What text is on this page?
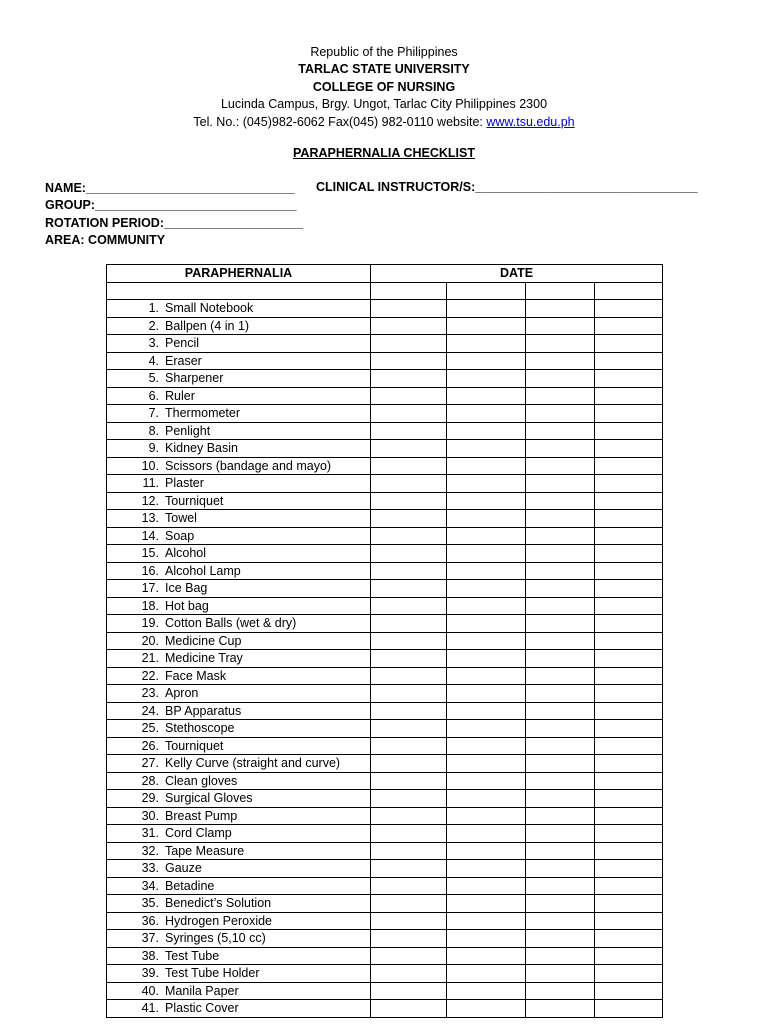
Republic of the Philippines
TARLAC STATE UNIVERSITY
COLLEGE OF NURSING
Lucinda Campus, Brgy. Ungot, Tarlac City Philippines 2300
Tel. No.: (045)982-6062 Fax(045) 982-0110 website: www.tsu.edu.ph
PARAPHERNALIA CHECKLIST
NAME:______________________________
GROUP:_____________________________
ROTATION PERIOD:____________________
AREA: COMMUNITY
CLINICAL INSTRUCTOR/S:________________________________
PARAPHERNALIA	DATE			

1. Small Notebook				
2. Ballpen (4 in 1)				
3. Pencil				
4. Eraser				
5. Sharpener				
6. Ruler				
7. Thermometer				
8. Penlight				
9. Kidney Basin				
10. Scissors (bandage and mayo)				
11. Plaster				
12. Tourniquet				
13. Towel				
14. Soap				
15. Alcohol				
16. Alcohol Lamp				
17. Ice Bag				
18. Hot bag				
19. Cotton Balls (wet & dry)				
20. Medicine Cup				
21. Medicine Tray				
22. Face Mask				
23. Apron				
24. BP Apparatus				
25. Stethoscope				
26. Tourniquet				
27. Kelly Curve (straight and curve)				
28. Clean gloves				
29. Surgical Gloves				
30. Breast Pump				
31. Cord Clamp				
32. Tape Measure				
33. Gauze				
34. Betadine				
35. Benedict’s Solution				
36. Hydrogen Peroxide				
37. Syringes (5,10 cc)				
38. Test Tube				
39. Test Tube Holder				
40. Manila Paper				
41. Plastic Cover				
